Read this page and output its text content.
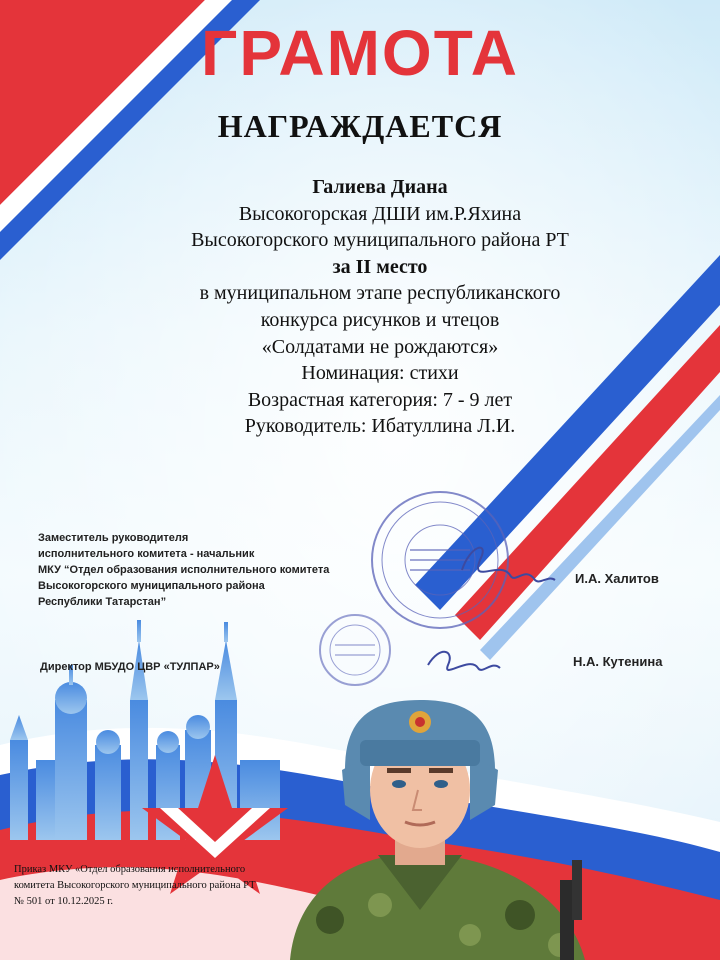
ГРАМОТА
НАГРАЖДАЕТСЯ
Галиева Диана
Высокогорская ДШИ им.Р.Яхина
Высокогорского муниципального района РТ
за II место
в муниципальном этапе республиканского
конкурса рисунков и чтецов
«Солдатами не рождаются»
Номинация: стихи
Возрастная категория: 7 - 9 лет
Руководитель: Ибатуллина Л.И.
Заместитель руководителя
исполнительного комитета - начальник
МКУ “Отдел образования исполнительного комитета
Высокогорского муниципального района
Республики Татарстан”
И.А. Халитов
Директор МБУДО ЦВР «ТУЛПАР»	Н.А. Кутенина
Приказ МКУ «Отдел образования исполнительного
комитета Высокогорского муниципального района РТ
№ 501 от 10.12.2025 г.
